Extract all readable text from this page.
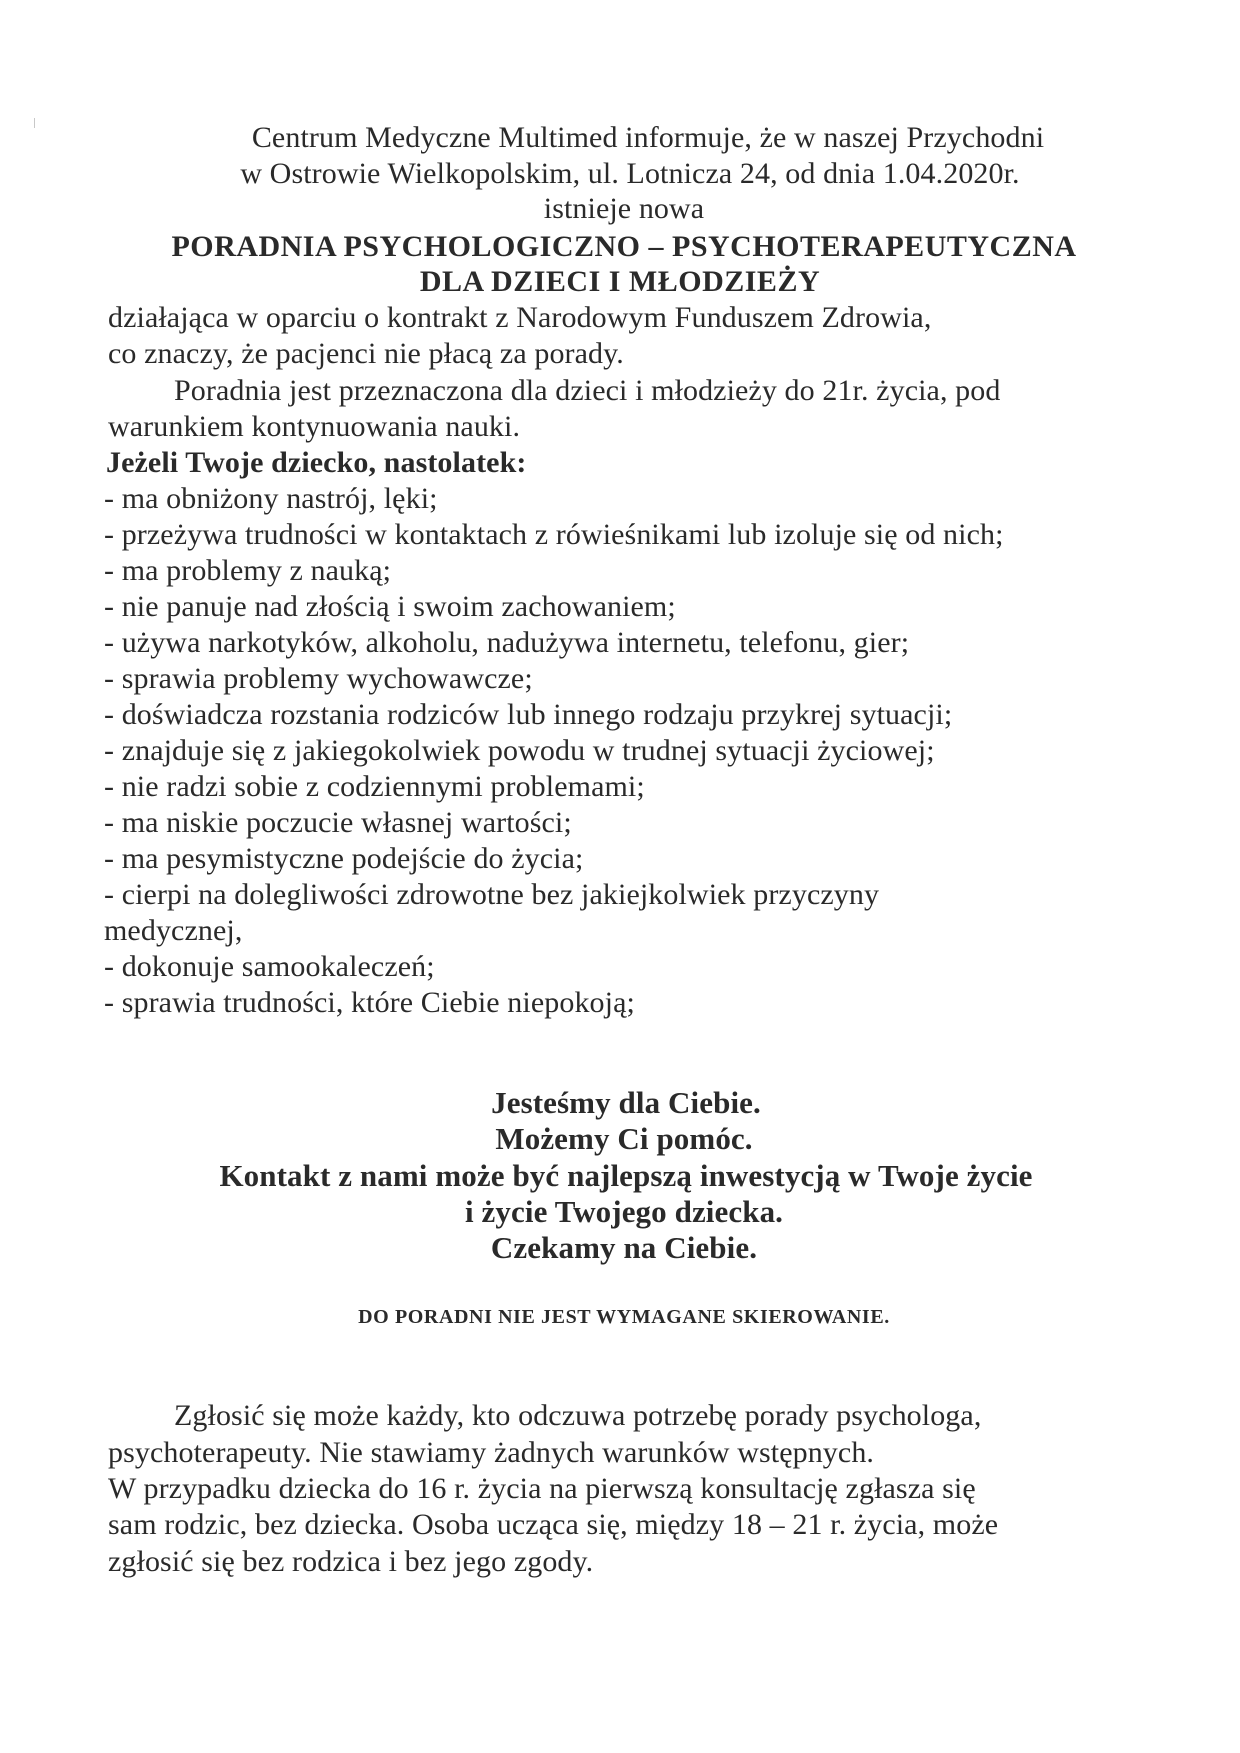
Centrum Medyczne Multimed informuje, że w naszej Przychodni
w Ostrowie Wielkopolskim, ul. Lotnicza 24, od dnia 1.04.2020r.
istnieje nowa
PORADNIA PSYCHOLOGICZNO – PSYCHOTERAPEUTYCZNA
DLA DZIECI I MŁODZIEŻY
działająca w oparciu o kontrakt z Narodowym Funduszem Zdrowia,
co znaczy, że pacjenci nie płacą za porady.
Poradnia jest przeznaczona dla dzieci i młodzieży do 21r. życia, pod
warunkiem kontynuowania nauki.
Jeżeli Twoje dziecko, nastolatek:
- ma obniżony nastrój, lęki;
- przeżywa trudności w kontaktach z rówieśnikami lub izoluje się od nich;
- ma problemy z nauką;
- nie panuje nad złością i swoim zachowaniem;
- używa narkotyków, alkoholu, nadużywa internetu, telefonu, gier;
- sprawia problemy wychowawcze;
- doświadcza rozstania rodziców lub innego rodzaju przykrej sytuacji;
- znajduje się z jakiegokolwiek powodu w trudnej sytuacji życiowej;
- nie radzi sobie z codziennymi problemami;
- ma niskie poczucie własnej wartości;
- ma pesymistyczne podejście do życia;
- cierpi na dolegliwości zdrowotne bez jakiejkolwiek przyczyny
medycznej,
- dokonuje samookaleczeń;
- sprawia trudności, które Ciebie niepokoją;
Jesteśmy dla Ciebie.
Możemy Ci pomóc.
Kontakt z nami może być najlepszą inwestycją w Twoje życie
i życie Twojego dziecka.
Czekamy na Ciebie.
DO PORADNI NIE JEST WYMAGANE SKIEROWANIE.
Zgłosić się może każdy, kto odczuwa potrzebę porady psychologa,
psychoterapeuty. Nie stawiamy żadnych warunków wstępnych.
W przypadku dziecka do 16 r. życia na pierwszą konsultację zgłasza się
sam rodzic, bez dziecka. Osoba ucząca się, między 18 – 21 r. życia, może
zgłosić się bez rodzica i bez jego zgody.
